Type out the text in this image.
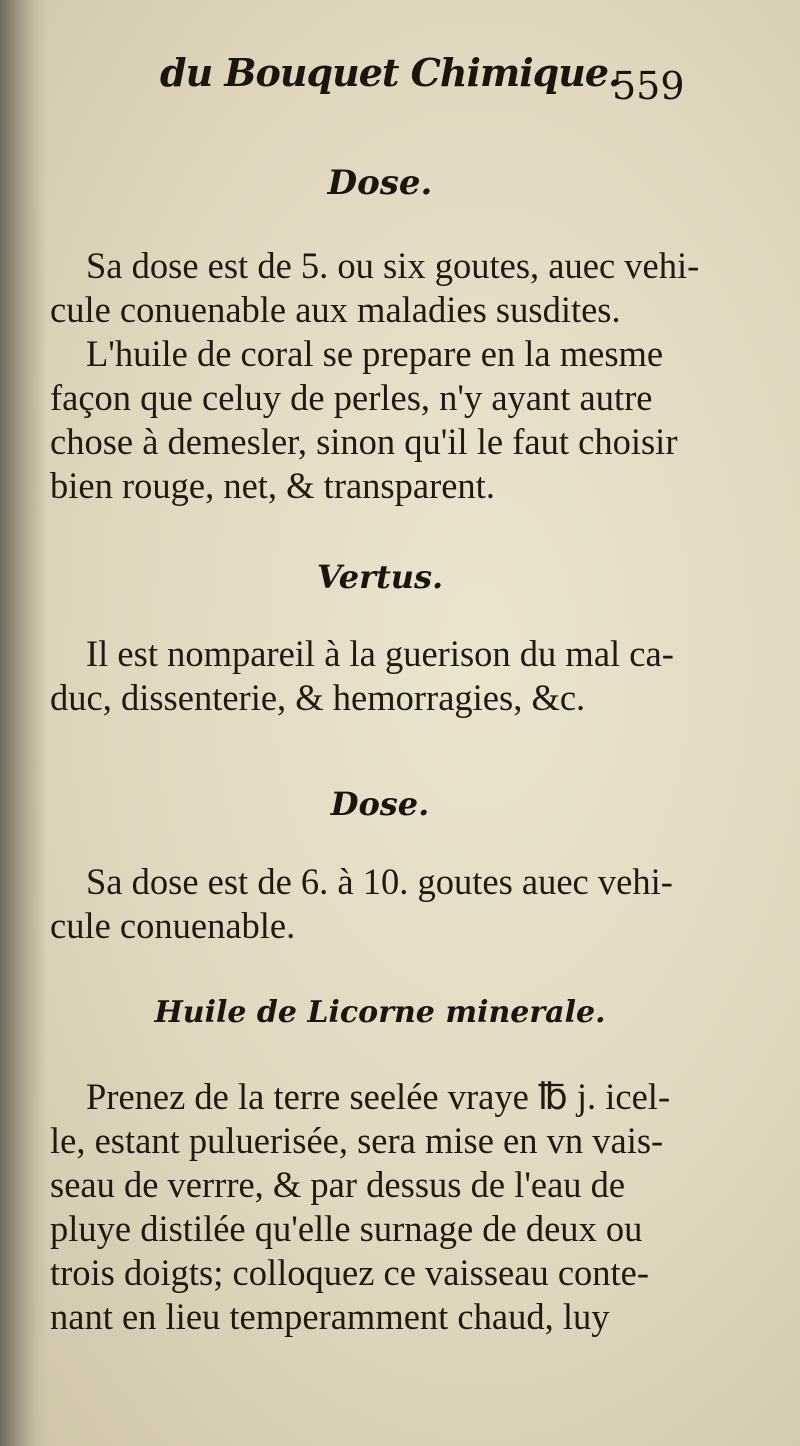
du Bouquet Chimique.
559
Dose.
Sa dose est de 5. ou six goutes, auec vehi-
cule conuenable aux maladies susdites.
L'huile de coral se prepare en la mesme
façon que celuy de perles, n'y ayant autre
chose à demesler, sinon qu'il le faut choisir
bien rouge, net, & transparent.
Vertus.
Il est nompareil à la guerison du mal ca-
duc, dissenterie, & hemorragies, &c.
Dose.
Sa dose est de 6. à 10. goutes auec vehi-
cule conuenable.
Huile de Licorne minerale.
Prenez de la terre seelée vraye ℔ j. icel-
le, estant puluerisée, sera mise en vn vais-
seau de verrre, & par dessus de l'eau de
pluye distilée qu'elle surnage de deux ou
trois doigts; colloquez ce vaisseau conte-
nant en lieu temperamment chaud, luy
